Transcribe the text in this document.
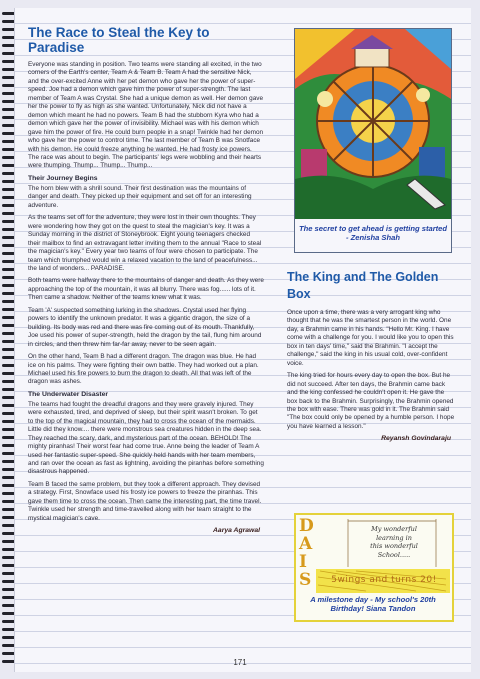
The Race to Steal the Key to Paradise

Everyone was standing in position. Two teams were standing all excited, in the two corners of the Earth's center, Team A & Team B. Team A had the sensitive Nick, and the over-excited Anne with her pet demon who gave her the power of super-speed. Joe had a demon which gave him the power of super-strength. The last member of Team A was Crystal. She had a unique demon as well. Her demon gave her the power to fly as high as she wanted. Unfortunately, Nick did not have a demon which meant he had no powers. Team B had the stubborn Kyra who had a demon which gave her the power of invisibility. Michael was with his demon which gave him the power of fire. He could burn people in a snap! Twinkle had her demon who gave her the power to control time. The last member of Team B was Snotface with his demon. He could freeze anything he wanted. He had frosty ice powers. The race was about to begin. The participants' legs were wobbling and their hearts were thumping. Thump... Thump... Thump...

Their Journey Begins

The horn blew with a shrill sound. Their first destination was the mountains of danger and death. They picked up their equipment and set off for an interesting adventure.

As the teams set off for the adventure, they were lost in their own thoughts. They were wondering how they got on the quest to steal the magician's key. It was a Sunday morning in the district of Stoneybrook. Eight young teenagers checked their mailbox to find an extravagant letter inviting them to the annual "Race to steal the magician's key." Every year two teams of four were chosen to participate. The team which triumphed would win a relaxed vacation to the land of peacefulness... the land of wonders... PARADISE.

Both teams were halfway there to the mountains of danger and death. As they were approaching the top of the mountain, it was all blurry. There was fog...... lots of it. Then came a shadow. Neither of the teams knew what it was.

Team 'A' suspected something lurking in the shadows. Crystal used her flying powers to identify the unknown predator. It was a gigantic dragon, the size of a building. Its body was red and there was fire coming out of its mouth. Thankfully, Joe used his power of super-strength, held the dragon by the tail, flung him around in circles, and then threw him far-far away, never to be seen again.

On the other hand, Team B had a different dragon. The dragon was blue. He had ice on his palms. They were fighting their own battle. They had worked out a plan. Michael used his fire powers to burn the dragon to death. All that was left of the dragon was ashes.

The Underwater Disaster

The teams had fought the dreadful dragons and they were gravely injured. They were exhausted, tired, and deprived of sleep, but their spirit wasn't broken. To get to the top of the magical mountain, they had to cross the ocean of the mermaids. Little did they know.... there were monstrous sea creatures hidden in the deep sea. They reached the scary, dark, and mysterious part of the ocean. BEHOLD! The mighty piranhas! Their worst fear had come true. Anne being the leader of Team A used her fantastic super-speed. She quickly held hands with her team members, and ran over the ocean as fast as lightning, avoiding the piranhas before something disastrous happened.

Team B faced the same problem, but they took a different approach. They devised a strategy. First, Snowface used his frosty ice powers to freeze the piranhas. This gave them time to cross the ocean. Then came the interesting part, the time travel. Twinkle used her strength and time-travelled along with her team straight to the mystical magician's cave.

Aarya Agrawal
The secret to get ahead is getting started - Zenisha Shah
The King and The Golden Box

Once upon a time, there was a very arrogant king who thought that he was the smartest person in the world. One day, a Brahmin came in his hands. "Hello Mr. King. I have come with a challenge for you. I would like you to open this box in ten days' time," said the Brahmin. "I accept the challenge," said the king in his usual cold, over-confident voice.

The king tried for hours every day to open the box. But he did not succeed. After ten days, the Brahmin came back and the king confessed he couldn't open it. He gave the box back to the Brahmin. Surprisingly, the Brahmin opened the box with ease. There was gold in it. The Brahmin said "The box could only be opened by a humble person. I hope you have learned a lesson."

Reyansh Govindaraju
D
A
I
S
My wonderful
learning in
this wonderful
School.....
5wings and turns 20!
A milestone day - My school's 20th Birthday! Siana Tandon
171
